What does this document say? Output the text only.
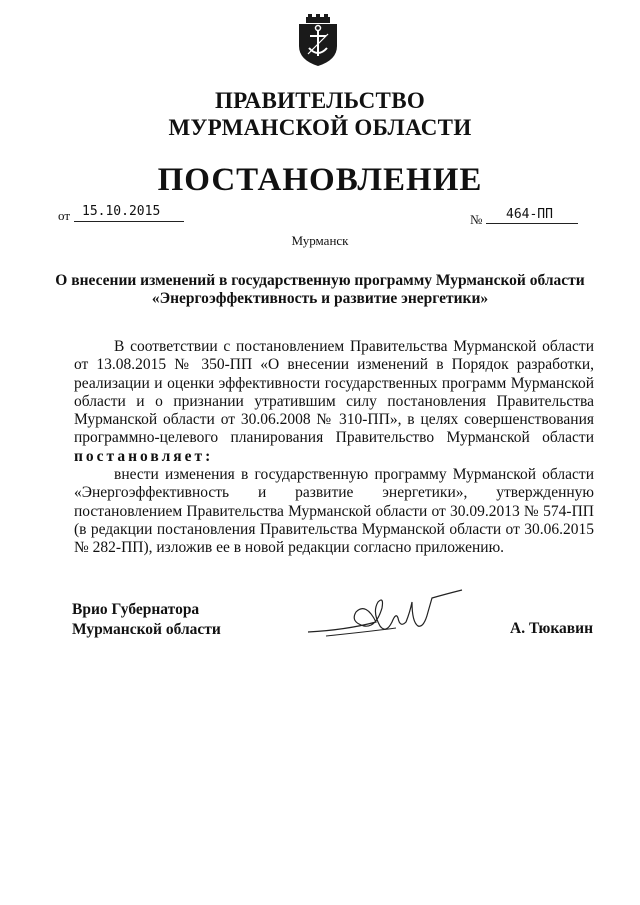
ПРАВИТЕЛЬСТВО
МУРМАНСКОЙ ОБЛАСТИ
ПОСТАНОВЛЕНИЕ
от 15.10.2015
№	464-ПП
Мурманск
О внесении изменений в государственную программу Мурманской области
«Энергоэффективность и развитие энергетики»

В соответствии с постановлением Правительства Мурманской области от 13.08.2015 № 350-ПП «О внесении изменений в Порядок разработки, реализации и оценки эффективности государственных программ Мурманской области и о признании утратившим силу постановления Правительства Мурманской области от 30.06.2008 № 310-ПП», в целях совершенствования программно-целевого планирования Правительство Мурманской области постановляет:

внести изменения в государственную программу Мурманской области «Энергоэффективность и развитие энергетики», утвержденную постановлением Правительства Мурманской области от 30.09.2013 № 574-ПП (в редакции постановления Правительства Мурманской области от 30.06.2015 № 282-ПП), изложив ее в новой редакции согласно приложению.

Врио Губернатора
Мурманской области	А. Тюкавин
